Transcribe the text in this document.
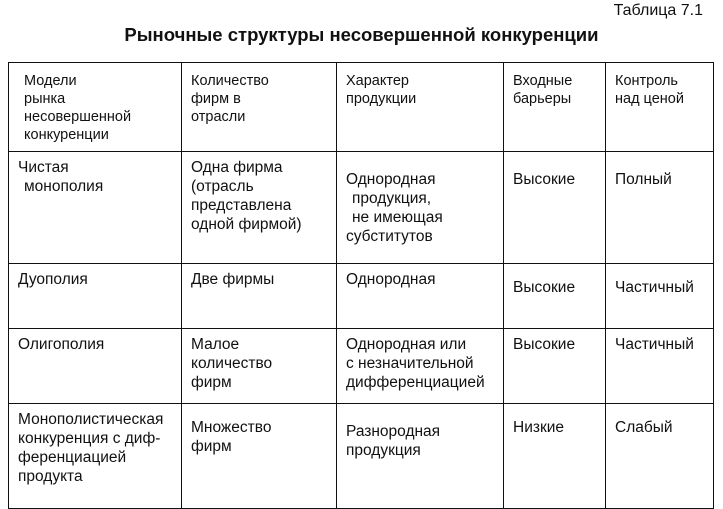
Таблица 7.1
Рыночные структуры несовершенной конкуренции
Модели
рынка
несовершенной
конкуренции	Количество
фирм в
отрасли	Характер
продукции	Входные
барьеры	Контроль
над ценой

Чистая
монополия	Одна фирма
(отрасль
представлена
одной фирмой)	Однородная
продукция,
не имеющая
субститутов	Высокие	Полный

Дуополия	Две фирмы	Однородная	Высокие	Частичный

Олигополия	Малое
количество
фирм	Однородная или
с незначительной
дифференциацией	Высокие	Частичный

Монополистическая
конкуренция с диф-
ференциацией
продукта	Множество
фирм	Разнородная
продукция	Низкие	Слабый
